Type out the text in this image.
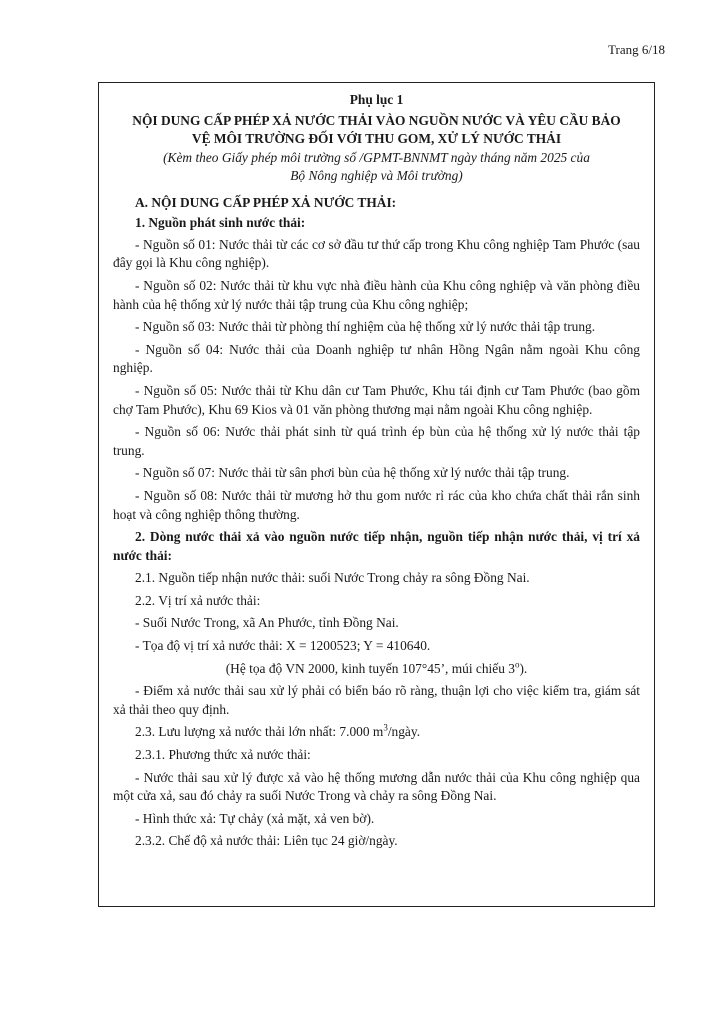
Trang 6/18

Phụ lục 1

NỘI DUNG CẤP PHÉP XẢ NƯỚC THẢI VÀO NGUỒN NƯỚC VÀ YÊU CẦU BẢO

VỆ MÔI TRƯỜNG ĐỐI VỚI THU GOM, XỬ LÝ NƯỚC THẢI

(Kèm theo Giấy phép môi trường số /GPMT-BNNMT ngày tháng năm 2025 của
Bộ Nông nghiệp và Môi trường)

A. NỘI DUNG CẤP PHÉP XẢ NƯỚC THẢI:

1. Nguồn phát sinh nước thải:

- Nguồn số 01: Nước thải từ các cơ sở đầu tư thứ cấp trong Khu công nghiệp Tam Phước (sau đây gọi là Khu công nghiệp).

- Nguồn số 02: Nước thải từ khu vực nhà điều hành của Khu công nghiệp và văn phòng điều hành của hệ thống xử lý nước thải tập trung của Khu công nghiệp;

- Nguồn số 03: Nước thải từ phòng thí nghiệm của hệ thống xử lý nước thải tập trung.

- Nguồn số 04: Nước thải của Doanh nghiệp tư nhân Hồng Ngân nằm ngoài Khu công nghiệp.

- Nguồn số 05: Nước thải từ Khu dân cư Tam Phước, Khu tái định cư Tam Phước (bao gồm chợ Tam Phước), Khu 69 Kios và 01 văn phòng thương mại nằm ngoài Khu công nghiệp.

- Nguồn số 06: Nước thải phát sinh từ quá trình ép bùn của hệ thống xử lý nước thải tập trung.

- Nguồn số 07: Nước thải từ sân phơi bùn của hệ thống xử lý nước thải tập trung.

- Nguồn số 08: Nước thải từ mương hở thu gom nước rỉ rác của kho chứa chất thải rắn sinh hoạt và công nghiệp thông thường.

2. Dòng nước thải xả vào nguồn nước tiếp nhận, nguồn tiếp nhận nước thải, vị trí xả nước thải:

2.1. Nguồn tiếp nhận nước thải: suối Nước Trong chảy ra sông Đồng Nai.

2.2. Vị trí xả nước thải:

- Suối Nước Trong, xã An Phước, tỉnh Đồng Nai.

- Tọa độ vị trí xả nước thải: X = 1200523; Y = 410640.

(Hệ tọa độ VN 2000, kinh tuyến 107°45’, múi chiếu 3$^o$).

- Điểm xả nước thải sau xử lý phải có biển báo rõ ràng, thuận lợi cho việc kiểm tra, giám sát xả thải theo quy định.

2.3. Lưu lượng xả nước thải lớn nhất: 7.000 $m^3$/ngày.

2.3.1. Phương thức xả nước thải:

- Nước thải sau xử lý được xả vào hệ thống mương dẫn nước thải của Khu công nghiệp qua một cửa xả, sau đó chảy ra suối Nước Trong và chảy ra sông Đồng Nai.

- Hình thức xả: Tự chảy (xả mặt, xả ven bờ).

2.3.2. Chế độ xả nước thải: Liên tục 24 giờ/ngày.
